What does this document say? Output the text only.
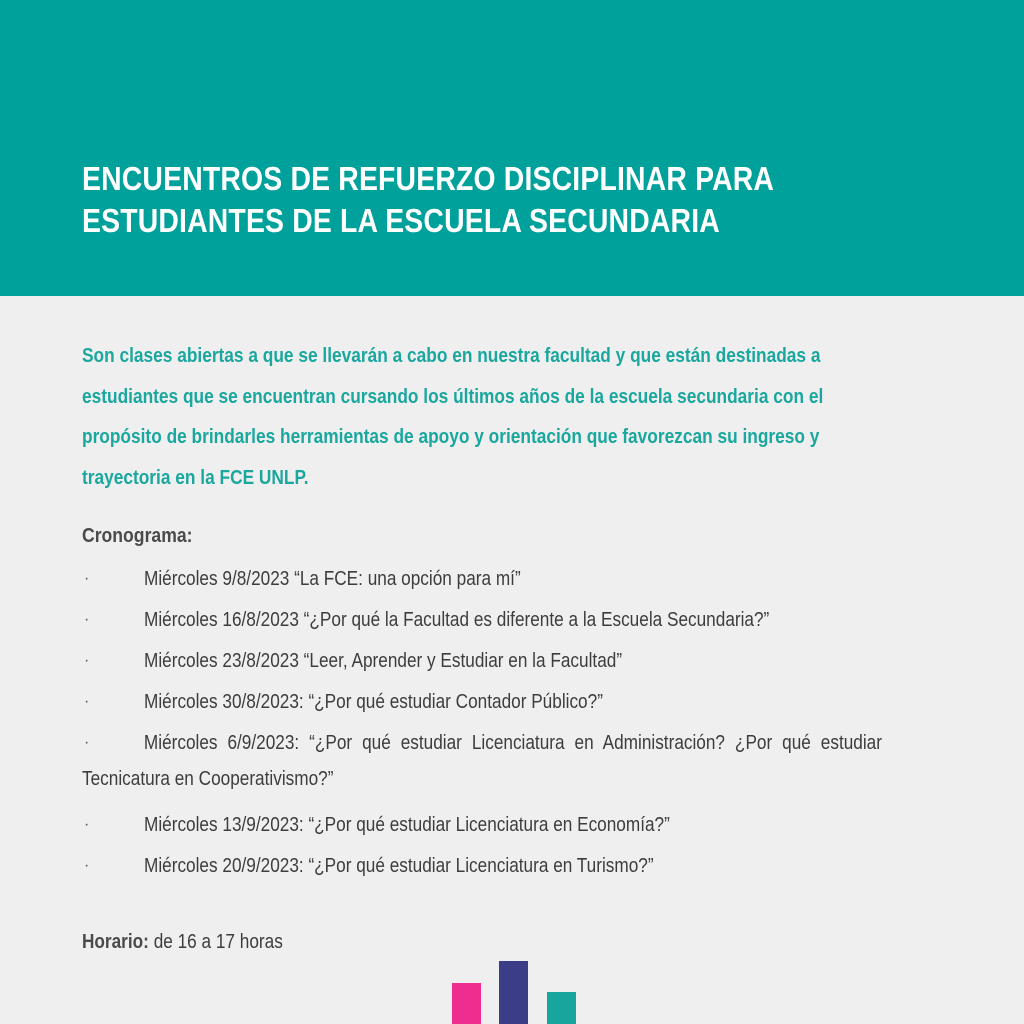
ENCUENTROS DE REFUERZO DISCIPLINAR PARA
ESTUDIANTES DE LA ESCUELA SECUNDARIA

Son clases abiertas a que se llevarán a cabo en nuestra facultad y que están destinadas a
estudiantes que se encuentran cursando los últimos años de la escuela secundaria con el
propósito de brindarles herramientas de apoyo y orientación que favorezcan su ingreso y
trayectoria en la FCE UNLP.

Cronograma:
·	Miércoles 9/8/2023 “La FCE: una opción para mí”
·	Miércoles 16/8/2023 “¿Por qué la Facultad es diferente a la Escuela Secundaria?”
·	Miércoles 23/8/2023 “Leer, Aprender y Estudiar en la Facultad”
·	Miércoles 30/8/2023: “¿Por qué estudiar Contador Público?”
·	Miércoles 6/9/2023: “¿Por qué estudiar Licenciatura en Administración? ¿Por qué estudiar
Tecnicatura en Cooperativismo?”
·	Miércoles 13/9/2023: “¿Por qué estudiar Licenciatura en Economía?”
·	Miércoles 20/9/2023: “¿Por qué estudiar Licenciatura en Turismo?”

Horario: de 16 a 17 horas
